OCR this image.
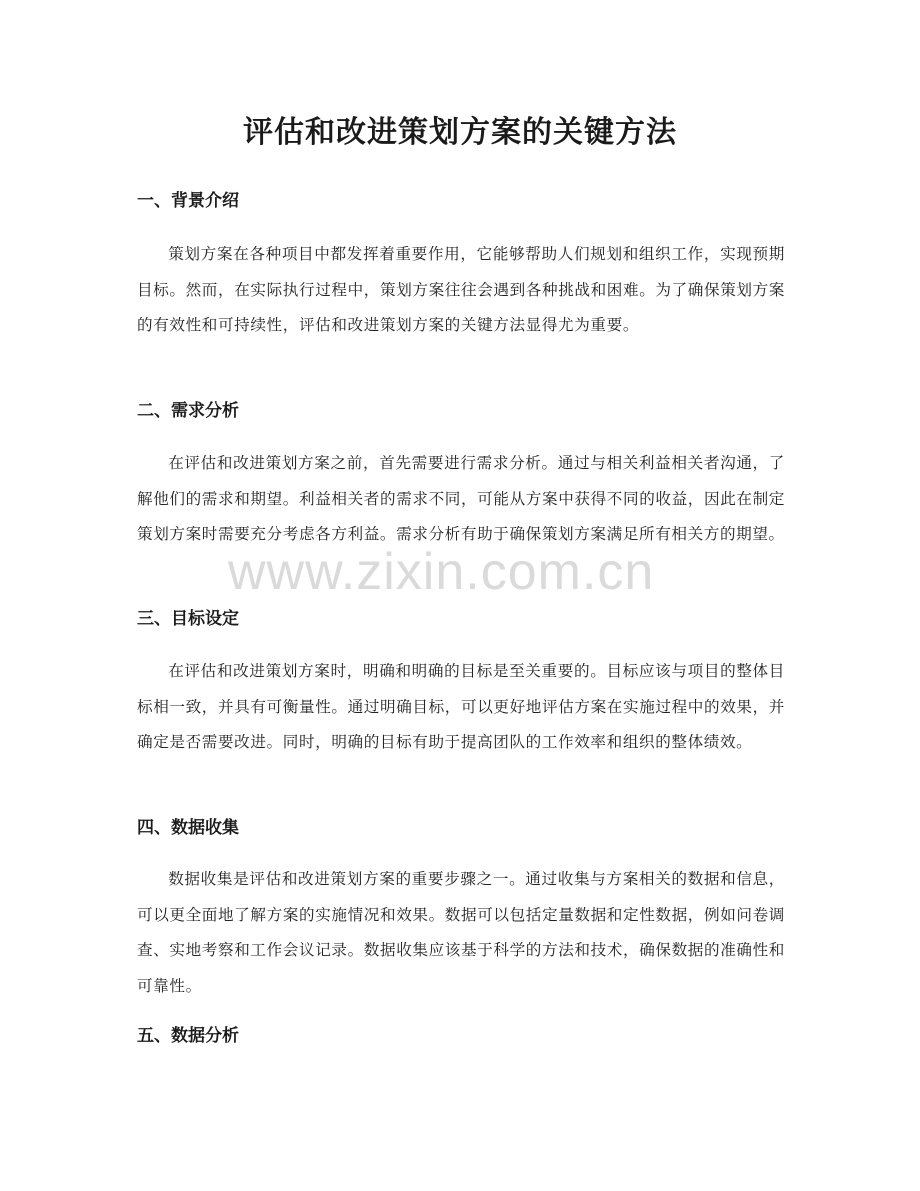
评估和改进策划方案的关键方法
一、背景介绍

策划方案在各种项目中都发挥着重要作用，它能够帮助人们规划和组织工作，实现预期目标。然而，在实际执行过程中，策划方案往往会遇到各种挑战和困难。为了确保策划方案的有效性和可持续性，评估和改进策划方案的关键方法显得尤为重要。

二、需求分析

在评估和改进策划方案之前，首先需要进行需求分析。通过与相关利益相关者沟通，了解他们的需求和期望。利益相关者的需求不同，可能从方案中获得不同的收益，因此在制定策划方案时需要充分考虑各方利益。需求分析有助于确保策划方案满足所有相关方的期望。

三、目标设定

在评估和改进策划方案时，明确和明确的目标是至关重要的。目标应该与项目的整体目标相一致，并具有可衡量性。通过明确目标，可以更好地评估方案在实施过程中的效果，并确定是否需要改进。同时，明确的目标有助于提高团队的工作效率和组织的整体绩效。

四、数据收集

数据收集是评估和改进策划方案的重要步骤之一。通过收集与方案相关的数据和信息，可以更全面地了解方案的实施情况和效果。数据可以包括定量数据和定性数据，例如问卷调查、实地考察和工作会议记录。数据收集应该基于科学的方法和技术，确保数据的准确性和可靠性。

五、数据分析
www.zixin.com.cn
